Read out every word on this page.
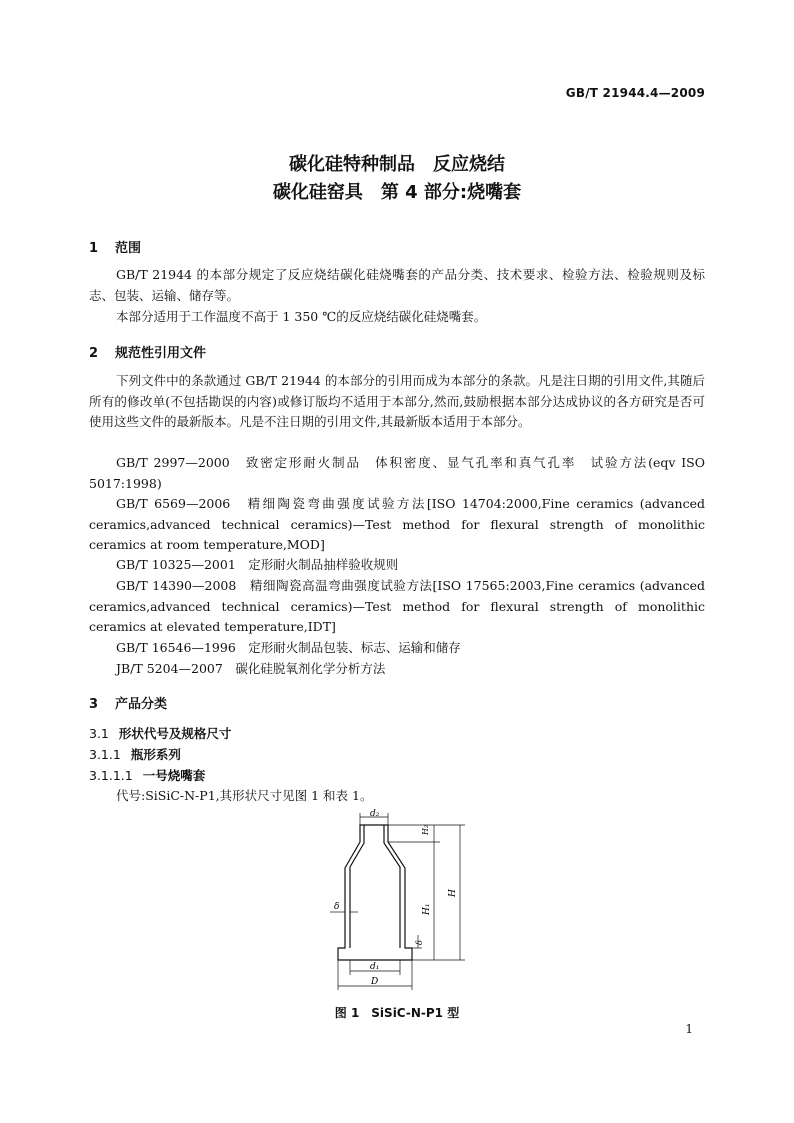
GB/T 21944.4—2009
碳化硅特种制品　反应烧结
碳化硅窑具　第 4 部分:烧嘴套
1 范围
GB/T 21944 的本部分规定了反应烧结碳化硅烧嘴套的产品分类、技术要求、检验方法、检验规则及标志、包装、运输、储存等。
本部分适用于工作温度不高于 1 350 ℃的反应烧结碳化硅烧嘴套。
2 规范性引用文件
下列文件中的条款通过 GB/T 21944 的本部分的引用而成为本部分的条款。凡是注日期的引用文件,其随后所有的修改单(不包括勘误的内容)或修订版均不适用于本部分,然而,鼓励根据本部分达成协议的各方研究是否可使用这些文件的最新版本。凡是不注日期的引用文件,其最新版本适用于本部分。
GB/T 2997—2000　致密定形耐火制品　体积密度、显气孔率和真气孔率　试验方法(eqv ISO 5017:1998)
GB/T 6569—2006　精细陶瓷弯曲强度试验方法[ISO 14704:2000,Fine ceramics (advanced ceramics,advanced technical ceramics)—Test method for flexural strength of monolithic ceramics at room temperature,MOD]
GB/T 10325—2001　定形耐火制品抽样验收规则
GB/T 14390—2008　精细陶瓷高温弯曲强度试验方法[ISO 17565:2003,Fine ceramics (advanced ceramics,advanced technical ceramics)—Test method for flexural strength of monolithic ceramics at elevated temperature,IDT]
GB/T 16546—1996　定形耐火制品包装、标志、运输和储存
JB/T 5204—2007　碳化硅脱氧剂化学分析方法
3 产品分类
3.1 形状代号及规格尺寸
3.1.1 瓶形系列
3.1.1.1 一号烧嘴套
代号:SiSiC-N-P1,其形状尺寸见图 1 和表 1。
d₂
H₂
H
H₁
δ
δ
d₁
D
图 1　SiSiC-N-P1 型
1
